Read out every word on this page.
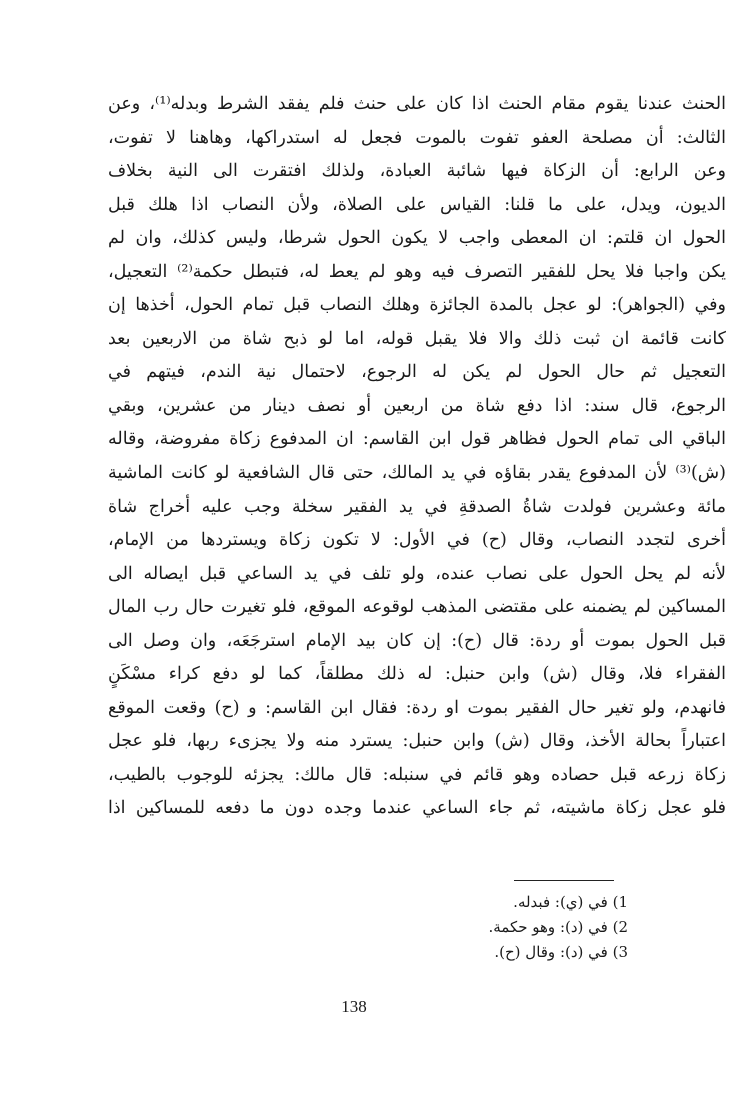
الحنث عندنا يقوم مقام الحنث اذا كان على حنث فلم يفقد الشرط وبدله⁽¹⁾، وعن
الثالث: أن مصلحة العفو تفوت بالموت فجعل له استدراكها، وهاهنا لا تفوت،
وعن الرابع: أن الزكاة فيها شائبة العبادة، ولذلك افتقرت الى النية بخلاف
الديون، ويدل، على ما قلنا: القياس على الصلاة، ولأن النصاب اذا هلك قبل
الحول ان قلتم: ان المعطى واجب لا يكون الحول شرطا، وليس كذلك، وان لم
يكن واجبا فلا يحل للفقير التصرف فيه وهو لم يعط له، فتبطل حكمة⁽²⁾ التعجيل،
وفي (الجواهر): لو عجل بالمدة الجائزة وهلك النصاب قبل تمام الحول، أخذها إن
كانت قائمة ان ثبت ذلك والا فلا يقبل قوله، اما لو ذبح شاة من الاربعين بعد
التعجيل ثم حال الحول لم يكن له الرجوع، لاحتمال نية الندم، فيتهم في
الرجوع، قال سند: اذا دفع شاة من اربعين أو نصف دينار من عشرين، وبقي
الباقي الى تمام الحول فظاهر قول ابن القاسم: ان المدفوع زكاة مفروضة، وقاله
(ش)⁽³⁾ لأن المدفوع يقدر بقاؤه في يد المالك، حتى قال الشافعية لو كانت الماشية
مائة وعشرين فولدت شاةُ الصدقةِ في يد الفقير سخلة وجب عليه أخراج شاة
أخرى لتجدد النصاب، وقال (ح) في الأول: لا تكون زكاة ويستردها من الإمام،
لأنه لم يحل الحول على نصاب عنده، ولو تلف في يد الساعي قبل ايصاله الى
المساكين لم يضمنه على مقتضى المذهب لوقوعه الموقع، فلو تغيرت حال رب المال
قبل الحول بموت أو ردة: قال (ح): إن كان بيد الإمام استرجَعَه، وان وصل الى
الفقراء فلا، وقال (ش) وابن حنبل: له ذلك مطلقاً، كما لو دفع كراء مسْكَنٍ
فانهدم، ولو تغير حال الفقير بموت او ردة: فقال ابن القاسم: و (ح) وقعت الموقع
اعتباراً بحالة الأخذ، وقال (ش) وابن حنبل: يسترد منه ولا يجزىء ربها، فلو عجل
زكاة زرعه قبل حصاده وهو قائم في سنبله: قال مالك: يجزئه للوجوب بالطيب،
فلو عجل زكاة ماشيته، ثم جاء الساعي عندما وجده دون ما دفعه للمساكين اذا
1) في (ي): فبدله.
2) في (د): وهو حكمة.
3) في (د): وقال (ح).
138
